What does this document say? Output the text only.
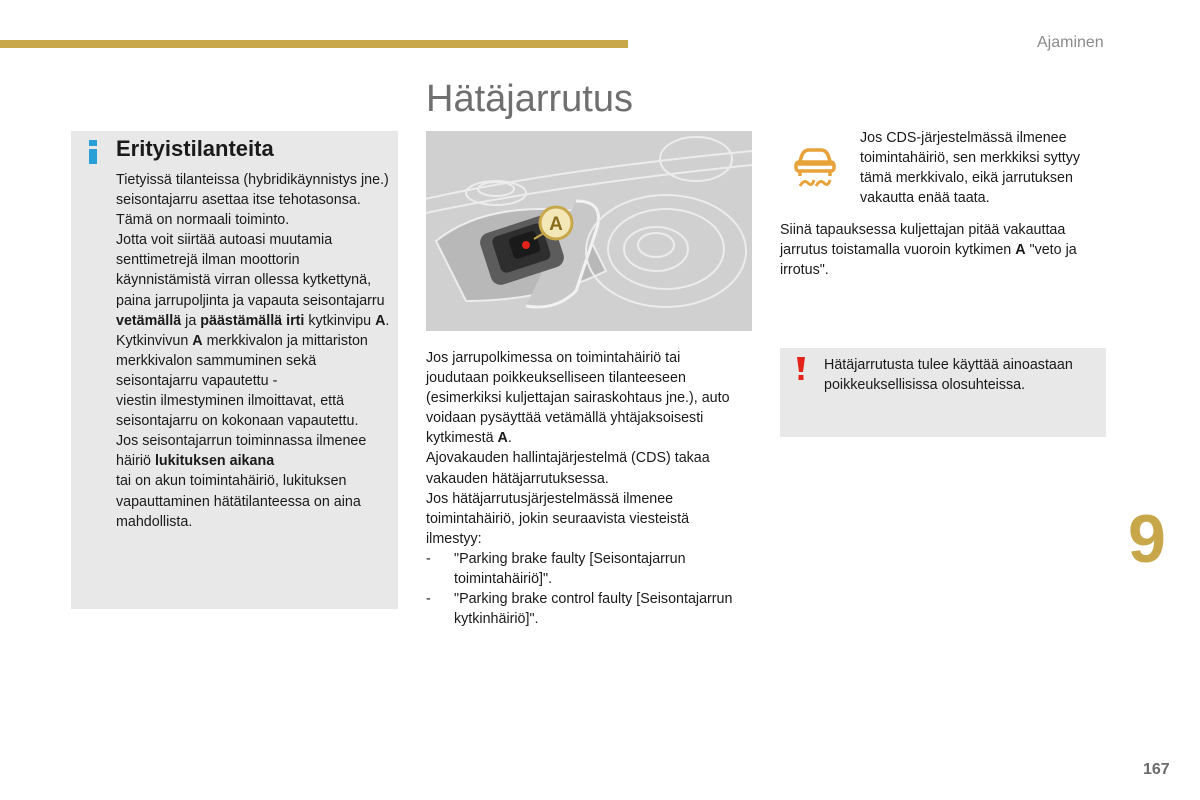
Ajaminen
Hätäjarrutus
9
167
Erityistilanteita
Tietyissä tilanteissa (hybridikäynnistys jne.) seisontajarru asettaa itse tehotasonsa. Tämä on normaali toiminto.
Jotta voit siirtää autoasi muutamia senttimetrejä ilman moottorin käynnistämistä virran ollessa kytkettynä, paina jarrupoljinta ja vapauta seisontajarru vetämällä ja päästämällä irti kytkinvipu A.
Kytkinvivun A merkkivalon ja mittariston merkkivalon sammuminen sekä seisontajarru vapautettu -
viestin ilmestyminen ilmoittavat, että seisontajarru on kokonaan vapautettu.
Jos seisontajarrun toiminnassa ilmenee häiriö lukituksen aikana
tai on akun toimintahäiriö, lukituksen vapauttaminen hätätilanteessa on aina mahdollista.
A
Jos jarrupolkimessa on toimintahäiriö tai joudutaan poikkeukselliseen tilanteeseen (esimerkiksi kuljettajan sairaskohtaus jne.), auto voidaan pysäyttää vetämällä yhtäjaksoisesti kytkimestä A.
Ajovakauden hallintajärjestelmä (CDS) takaa vakauden hätäjarrutuksessa.
Jos hätäjarrutusjärjestelmässä ilmenee toimintahäiriö, jokin seuraavista viesteistä ilmestyy:
-	"Parking brake faulty [Seisontajarrun toimintahäiriö]".
-	"Parking brake control faulty [Seisontajarrun kytkinhäiriö]".
Jos CDS-järjestelmässä ilmenee toimintahäiriö, sen merkkiksi syttyy tämä merkkivalo, eikä jarrutuksen vakautta enää taata.
Siinä tapauksessa kuljettajan pitää vakauttaa jarrutus toistamalla vuoroin kytkimen A "veto ja irrotus".
Hätäjarrutusta tulee käyttää ainoastaan poikkeuksellisissa olosuhteissa.
